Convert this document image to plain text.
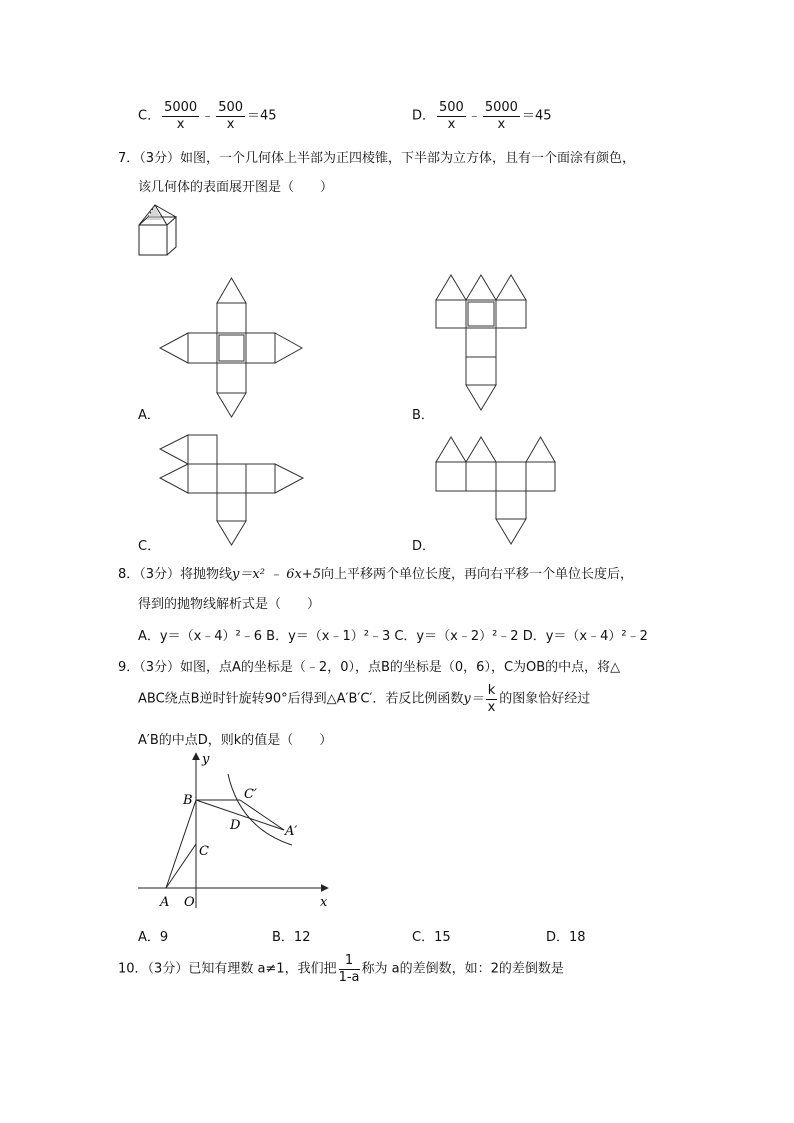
C． $\frac{5000}{x}$ ﹣ $\frac{500}{x} =45$	D． $\frac{500}{x}$ ﹣ $\frac{5000}{x} =45$
7．（3分）如图，一个几何体上半部为正四棱锥，下半部为立方体，且有一个面涂有颜色，
该几何体的表面展开图是（　　）
A．	B．
C．	D．
8．（3分）将抛物线y＝x² ﹣ 6x+5向上平移两个单位长度，再向右平移一个单位长度后，
得到的抛物线解析式是（　　）
A．y＝（x﹣4）²﹣6 B．y＝（x﹣1）²﹣3 C．y＝（x﹣2）²﹣2 D．y＝（x﹣4）²﹣2
9．（3分）如图，点A的坐标是（﹣2，0），点B的坐标是（0，6），C为OB的中点，将△
ABC绕点B逆时针旋转90°后得到△A′B′C′．若反比例函数$y= \frac{k}{x}$ 的图象恰好经过
A′B的中点D，则k的值是（　　）
y
x
B
C
C′
D	A′
A O
A．9	B．12	C．15	D．18
10．（3分）已知有理数 a≠1，我们把 $\frac{1}{1-a}$ 称为 a的差倒数，如：2的差倒数是
